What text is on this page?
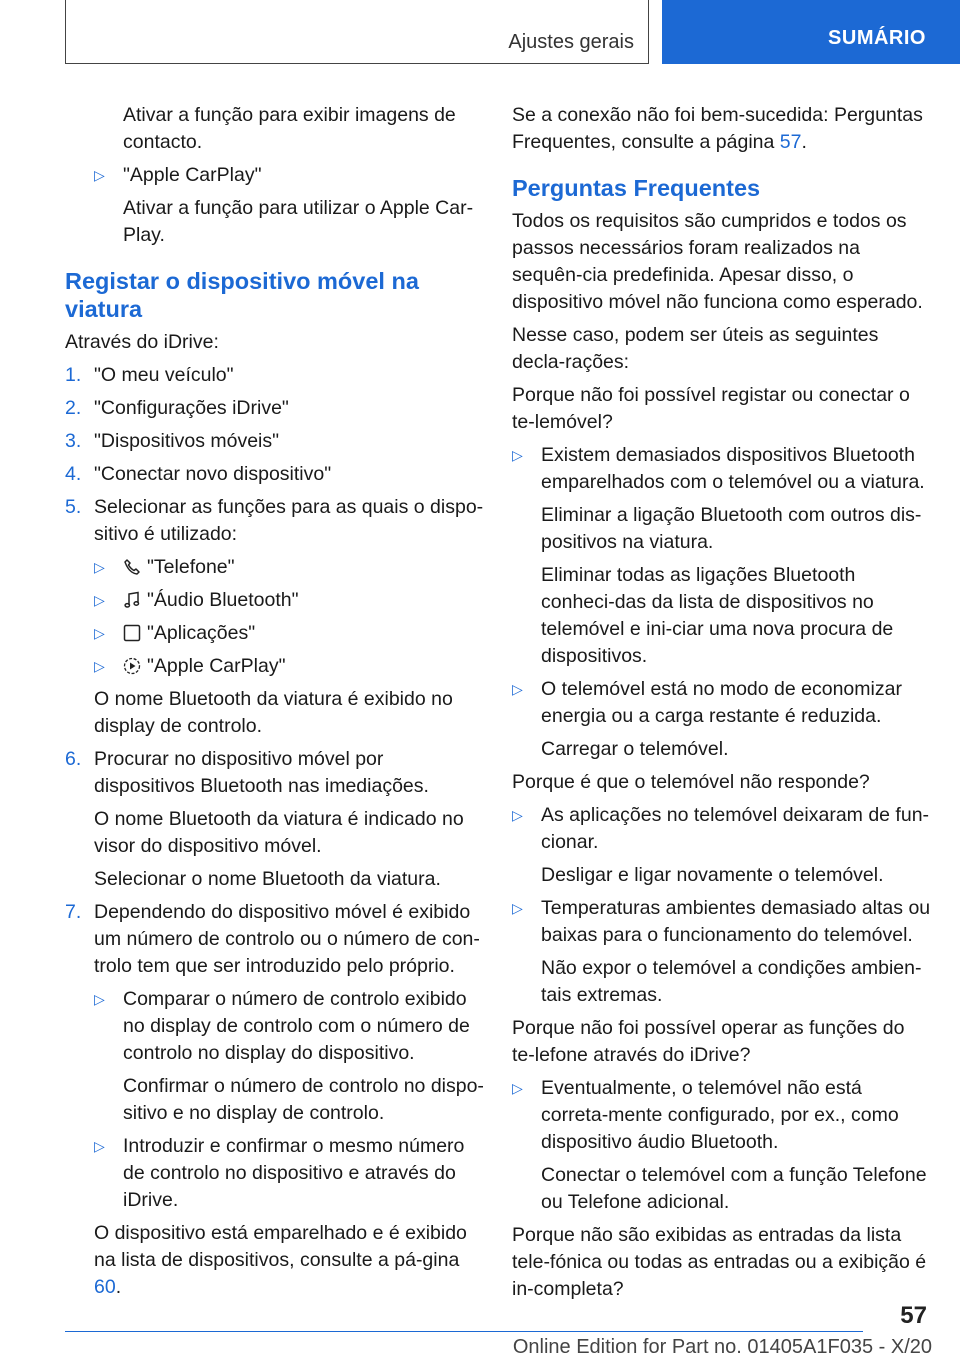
Ajustes gerais	SUMÁRIO

Ativar a função para exibir imagens de contacto.

▷ "Apple CarPlay"

Ativar a função para utilizar o Apple Car‐Play.

Registar o dispositivo móvel na viatura

Através do iDrive:

1. "O meu veículo"
2. "Configurações iDrive"
3. "Dispositivos móveis"
4. "Conectar novo dispositivo"
5. Selecionar as funções para as quais o dispo‐sitivo é utilizado:
▷ "Telefone"
▷ "Áudio Bluetooth"
▷ "Aplicações"
▷ "Apple CarPlay"

O nome Bluetooth da viatura é exibido no display de controlo.

6. Procurar no dispositivo móvel por dispositivos Bluetooth nas imediações.

O nome Bluetooth da viatura é indicado no visor do dispositivo móvel.

Selecionar o nome Bluetooth da viatura.

7. Dependendo do dispositivo móvel é exibido um número de controlo ou o número de con‐trolo tem que ser introduzido pelo próprio.
▷ Comparar o número de controlo exibido no display de controlo com o número de controlo no display do dispositivo.

Confirmar o número de controlo no dispo‐sitivo e no display de controlo.

▷ Introduzir e confirmar o mesmo número de controlo no dispositivo e através do iDrive.

O dispositivo está emparelhado e é exibido na lista de dispositivos, consulte a pá‐gina 60.

Se a conexão não foi bem-sucedida: Perguntas Frequentes, consulte a página 57.

Perguntas Frequentes

Todos os requisitos são cumpridos e todos os passos necessários foram realizados na sequên‐cia predefinida. Apesar disso, o dispositivo móvel não funciona como esperado.

Nesse caso, podem ser úteis as seguintes decla‐rações:

Porque não foi possível registar ou conectar o te‐lemóvel?

▷ Existem demasiados dispositivos Bluetooth emparelhados com o telemóvel ou a viatura.

Eliminar a ligação Bluetooth com outros dis‐positivos na viatura.

Eliminar todas as ligações Bluetooth conheci‐das da lista de dispositivos no telemóvel e ini‐ciar uma nova procura de dispositivos.

▷ O telemóvel está no modo de economizar energia ou a carga restante é reduzida.

Carregar o telemóvel.

Porque é que o telemóvel não responde?

▷ As aplicações no telemóvel deixaram de fun‐cionar.

Desligar e ligar novamente o telemóvel.

▷ Temperaturas ambientes demasiado altas ou baixas para o funcionamento do telemóvel.

Não expor o telemóvel a condições ambien‐tais extremas.

Porque não foi possível operar as funções do te‐lefone através do iDrive?

▷ Eventualmente, o telemóvel não está correta‐mente configurado, por ex., como dispositivo áudio Bluetooth.

Conectar o telemóvel com a função Telefone ou Telefone adicional.

Porque não são exibidas as entradas da lista tele‐fónica ou todas as entradas ou a exibição é in‐completa?

57
Online Edition for Part no. 01405A1F035 - X/20
